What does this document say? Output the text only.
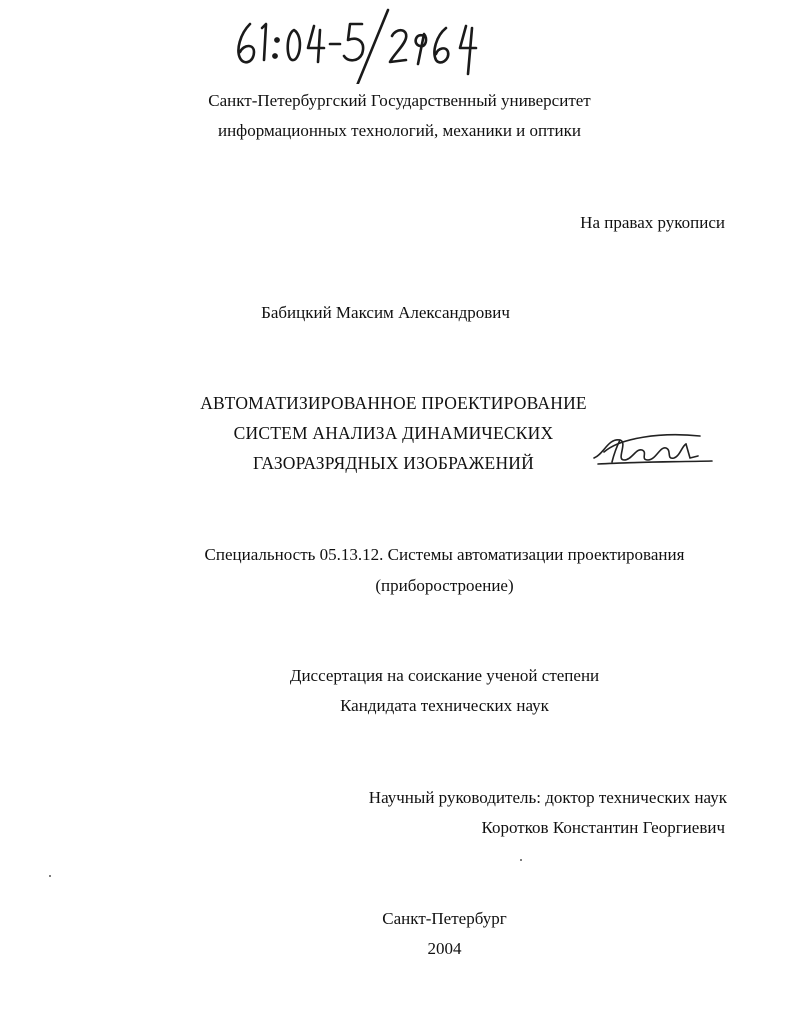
Санкт-Петербургский Государственный университет
информационных технологий, механики и оптики
На правах рукописи
Бабицкий Максим Александрович
АВТОМАТИЗИРОВАННОЕ ПРОЕКТИРОВАНИЕ
СИСТЕМ АНАЛИЗА ДИНАМИЧЕСКИХ
ГАЗОРАЗРЯДНЫХ ИЗОБРАЖЕНИЙ
Специальность 05.13.12. Системы автоматизации проектирования
(приборостроение)
Диссертация на соискание ученой степени
Кандидата технических наук
Научный руководитель: доктор технических наук
Коротков Константин Георгиевич
Санкт-Петербург
2004
